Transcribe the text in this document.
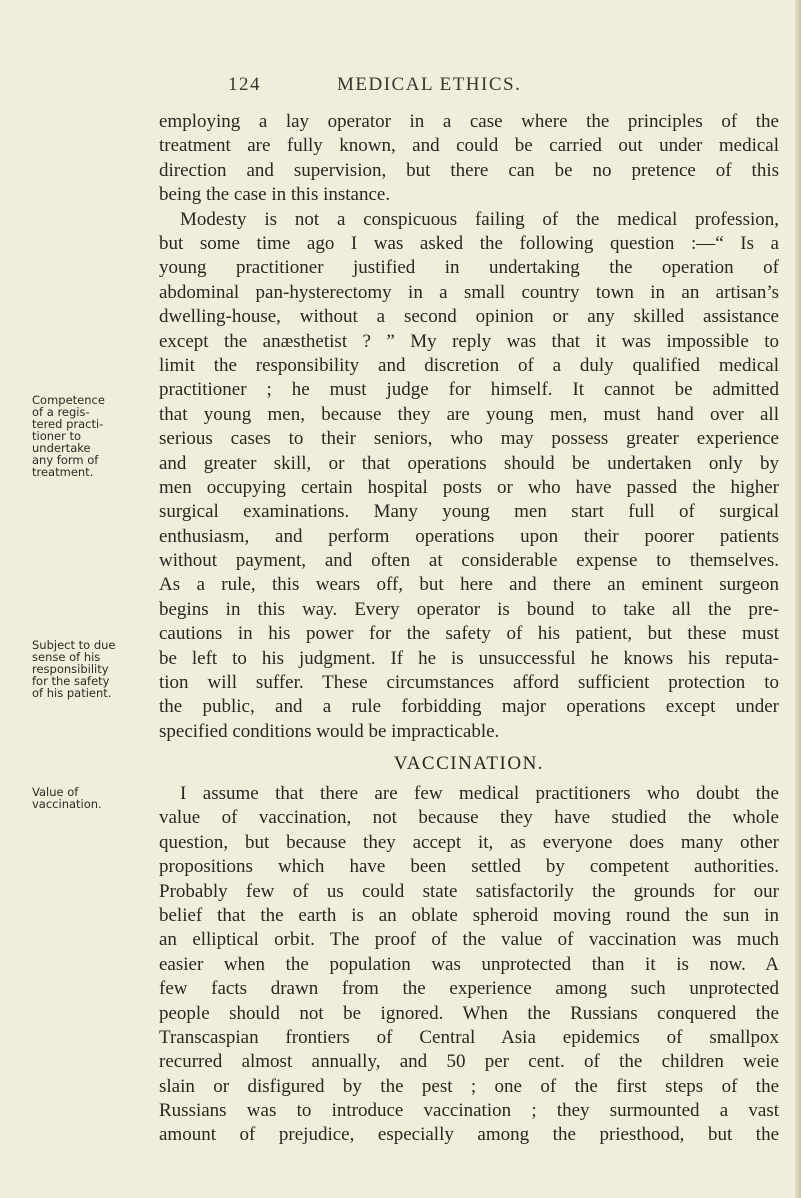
124	MEDICAL ETHICS.
Competence
of a regis-
tered practi-
tioner to
undertake
any form of
treatment.
Subject to due
sense of his
responsibility
for the safety
of his patient.
Value of
vaccination.
employing a lay operator in a case where the principles of the
treatment are fully known, and could be carried out under medical
direction and supervision, but there can be no pretence of this
being the case in this instance.
Modesty is not a conspicuous failing of the medical profession,
but some time ago I was asked the following question :—“ Is a
young practitioner justified in undertaking the operation of
abdominal pan-hysterectomy in a small country town in an artisan’s
dwelling-house, without a second opinion or any skilled assistance
except the anæsthetist ? ” My reply was that it was impossible to
limit the responsibility and discretion of a duly qualified medical
practitioner ; he must judge for himself. It cannot be admitted
that young men, because they are young men, must hand over all
serious cases to their seniors, who may possess greater experience
and greater skill, or that operations should be undertaken only by
men occupying certain hospital posts or who have passed the higher
surgical examinations. Many young men start full of surgical
enthusiasm, and perform operations upon their poorer patients
without payment, and often at considerable expense to themselves.
As a rule, this wears off, but here and there an eminent surgeon
begins in this way. Every operator is bound to take all the pre-
cautions in his power for the safety of his patient, but these must
be left to his judgment. If he is unsuccessful he knows his reputa-
tion will suffer. These circumstances afford sufficient protection to
the public, and a rule forbidding major operations except under
specified conditions would be impracticable.
VACCINATION.
I assume that there are few medical practitioners who doubt the
value of vaccination, not because they have studied the whole
question, but because they accept it, as everyone does many other
propositions which have been settled by competent authorities.
Probably few of us could state satisfactorily the grounds for our
belief that the earth is an oblate spheroid moving round the sun in
an elliptical orbit. The proof of the value of vaccination was much
easier when the population was unprotected than it is now. A
few facts drawn from the experience among such unprotected
people should not be ignored. When the Russians conquered the
Transcaspian frontiers of Central Asia epidemics of smallpox
recurred almost annually, and 50 per cent. of the children weie
slain or disfigured by the pest ; one of the first steps of the
Russians was to introduce vaccination ; they surmounted a vast
amount of prejudice, especially among the priesthood, but the
